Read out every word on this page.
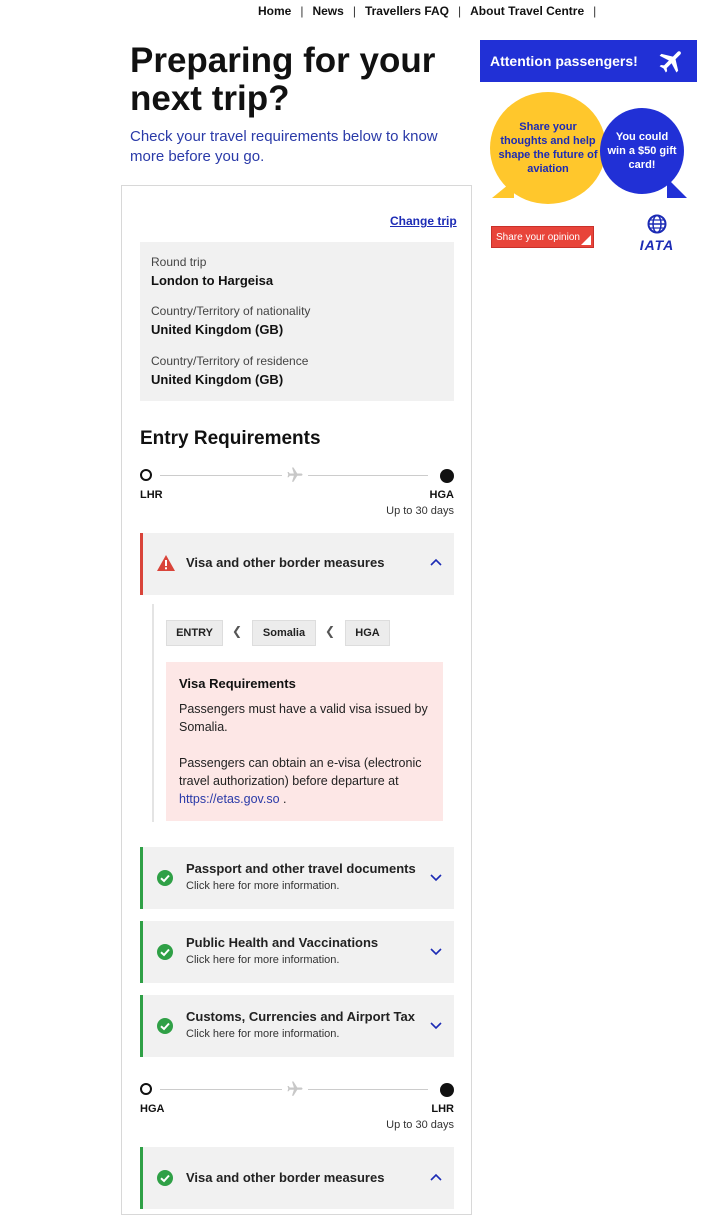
Home | News | Travellers FAQ | About Travel Centre |
Preparing for your next trip?

Check your travel requirements below to know more before you go.

Attention passengers!
Share your thoughts and help shape the future of aviation
You could win a $50 gift card!
Share your opinion	IATA
Change trip
Round trip
London to Hargeisa
Country/Territory of nationality
United Kingdom (GB)
Country/Territory of residence
United Kingdom (GB)
Entry Requirements
LHR	HGA
Up to 30 days
Visa and other border measures
ENTRY	❮	Somalia	❮	HGA
Visa Requirements

Passengers must have a valid visa issued by Somalia.

Passengers can obtain an e-visa (electronic travel authorization) before departure at https://etas.gov.so .

Passport and other travel documents
Click here for more information.
Public Health and Vaccinations
Click here for more information.
Customs, Currencies and Airport Tax
Click here for more information.
HGA	LHR
Up to 30 days
Visa and other border measures
